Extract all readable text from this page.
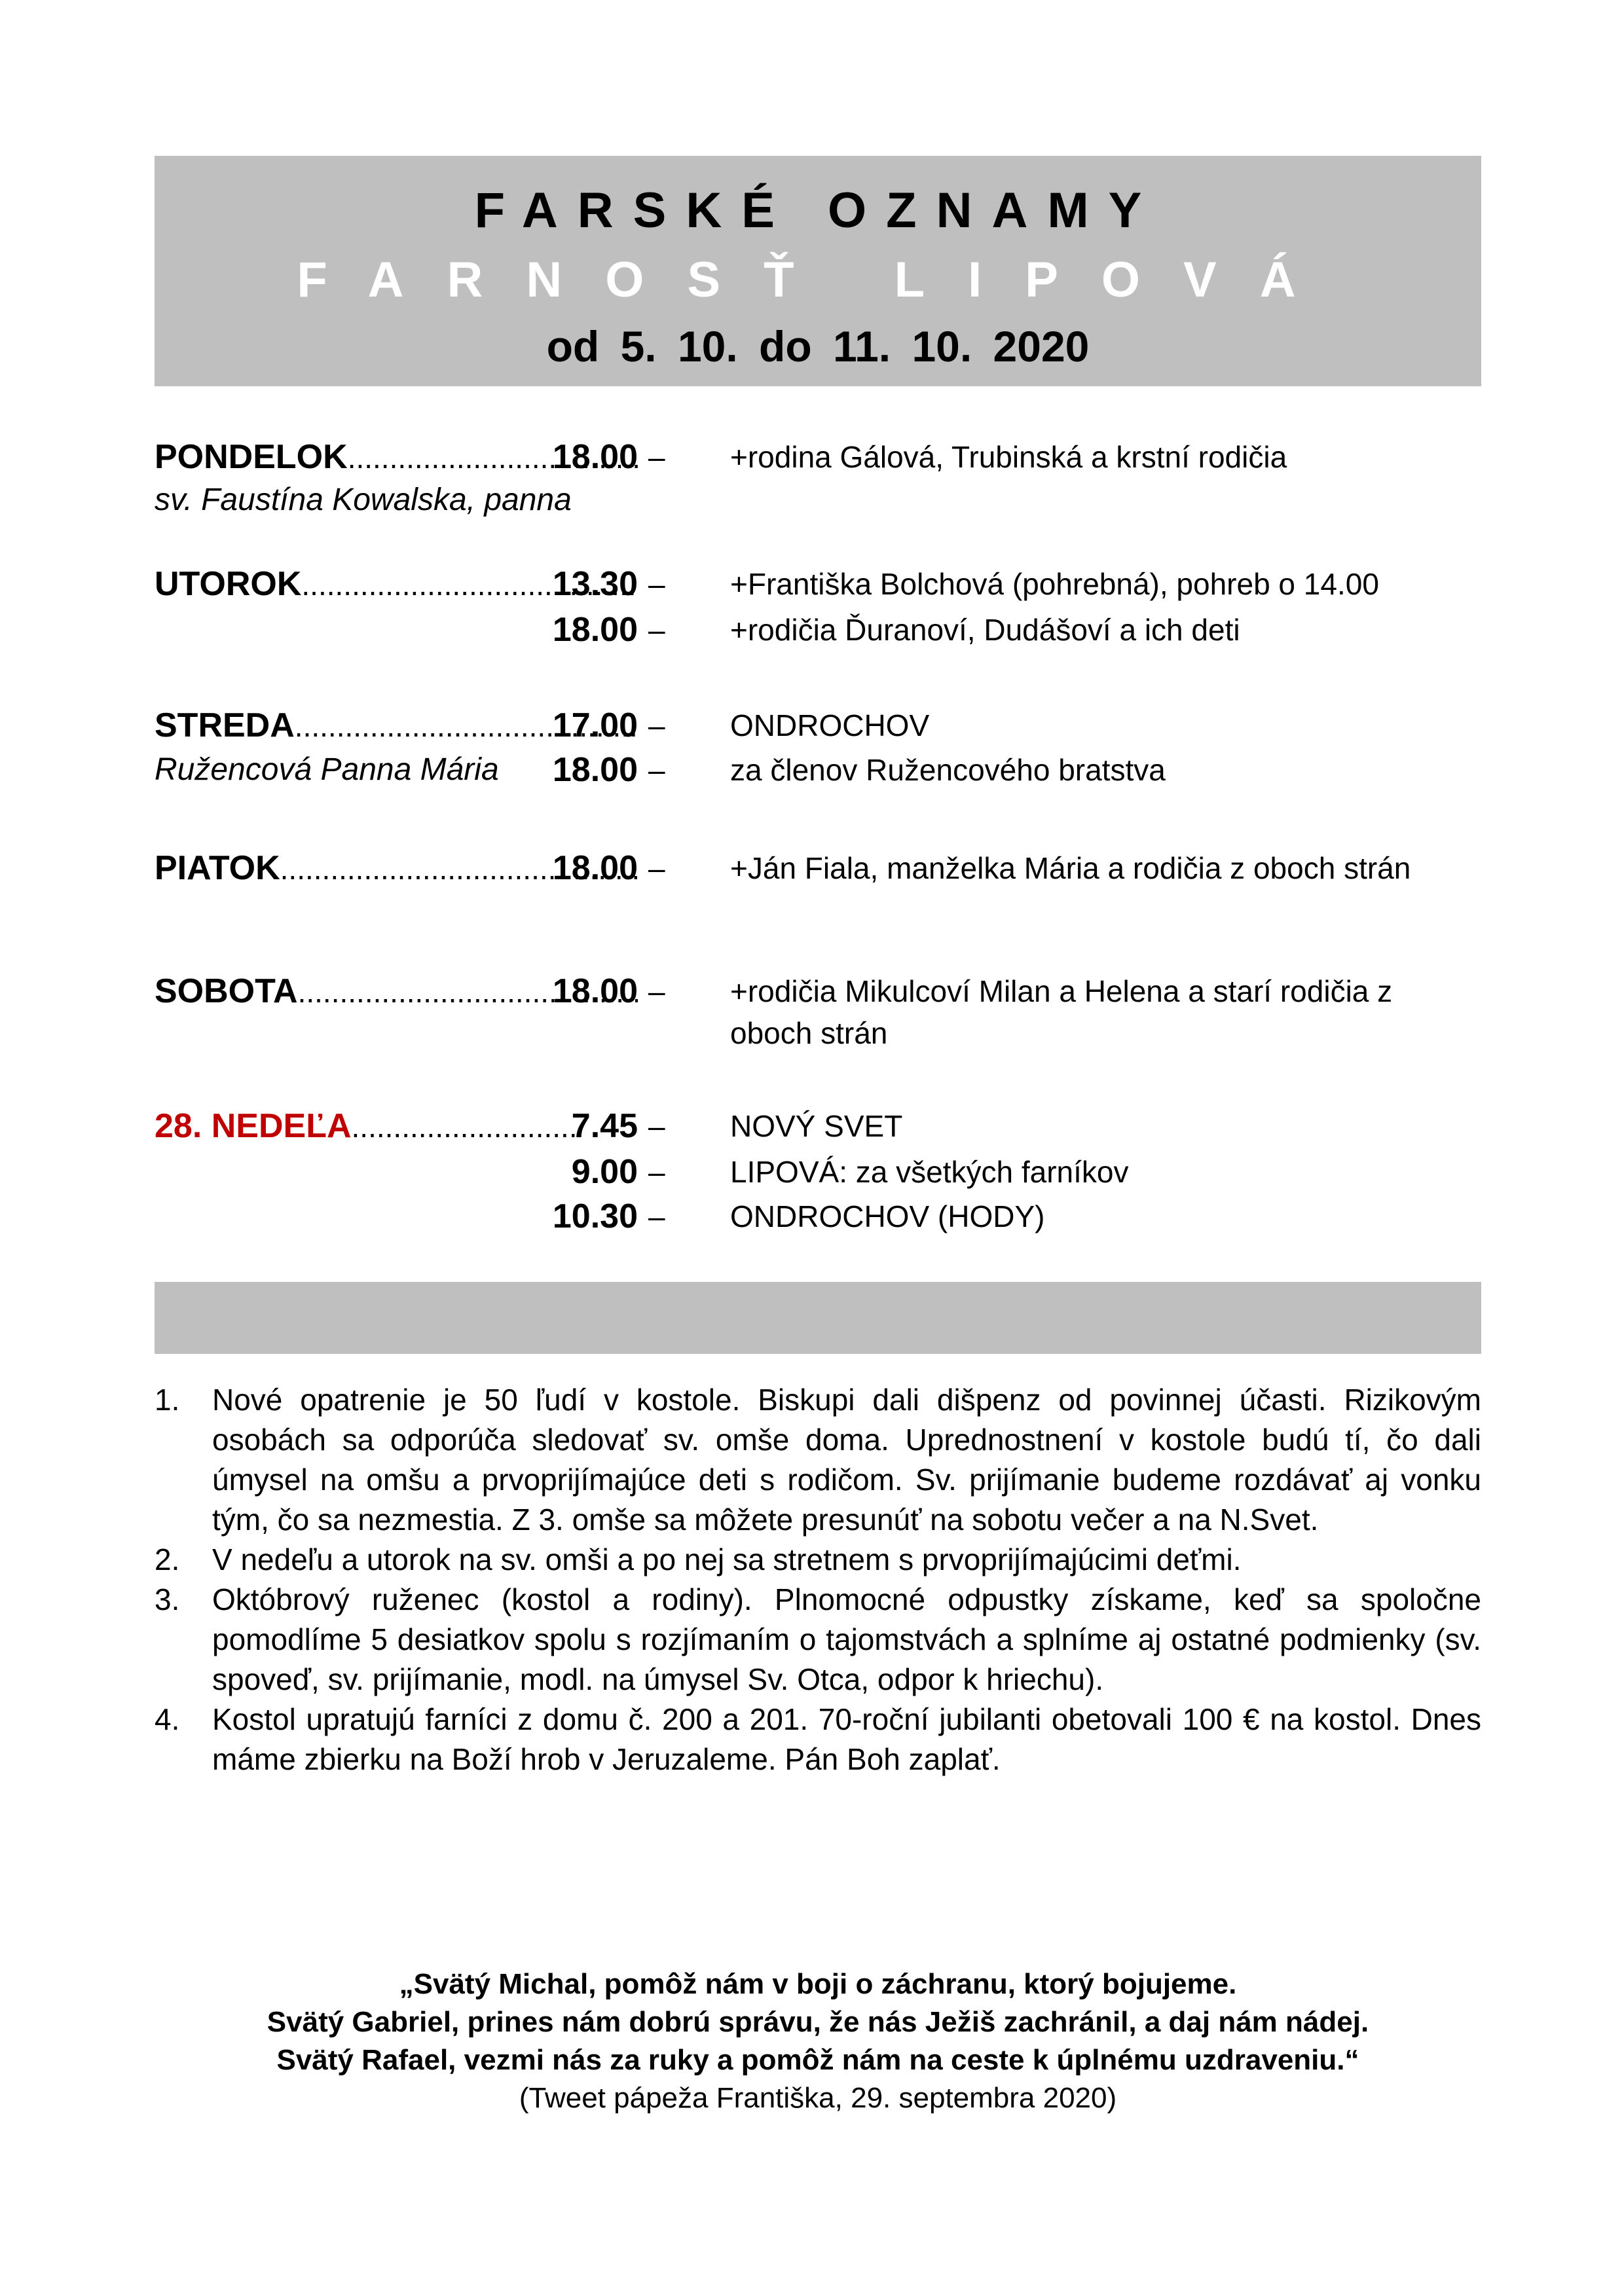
FARSKÉ OZNAMY
FARNOSŤ LIPOVÁ
od 5. 10. do 11. 10. 2020
PONDELOK .....	18.00 – +rodina Gálová, Trubinská a krstní rodičia
sv. Faustína Kowalska, panna
UTOROK .....	13.30 – +Františka Bolchová (pohrebná), pohreb o 14.00
18.00 – +rodičia Ďuranoví, Dudášoví a ich deti
STREDA .....	17.00 – ONDROCHOV
Ružencová Panna Mária	18.00 – za členov Ružencového bratstva
PIATOK .....	18.00 – +Ján Fiala, manželka Mária a rodičia z oboch strán
SOBOTA .....	18.00 – +rodičia Mikulcoví Milan a Helena a starí rodičia z
oboch strán
28. NEDEĽA .....	7.45 – NOVÝ SVET
9.00 – LIPOVÁ: za všetkých farníkov
10.30 – ONDROCHOV (HODY)
1.	Nové opatrenie je 50 ľudí v kostole. Biskupi dali dišpenz od povinnej účasti. Rizikovým osobách sa odporúča sledovať sv. omše doma. Uprednostnení v kostole budú tí, čo dali úmysel na omšu a prvoprijímajúce deti s rodičom. Sv. prijímanie budeme rozdávať aj vonku tým, čo sa nezmestia. Z 3. omše sa môžete presunúť na sobotu večer a na N.Svet.
2.	V nedeľu a utorok na sv. omši a po nej sa stretnem s prvoprijímajúcimi deťmi.
3.	Októbrový ruženec (kostol a rodiny). Plnomocné odpustky získame, keď sa spoločne pomodlíme 5 desiatkov spolu s rozjímaním o tajomstvách a splníme aj ostatné podmienky (sv. spoveď, sv. prijímanie, modl. na úmysel Sv. Otca, odpor k hriechu).
4.	Kostol upratujú farníci z domu č. 200 a 201. 70-roční jubilanti obetovali 100 € na kostol. Dnes máme zbierku na Boží hrob v Jeruzaleme. Pán Boh zaplať.
„Svätý Michal, pomôž nám v boji o záchranu, ktorý bojujeme.
Svätý Gabriel, prines nám dobrú správu, že nás Ježiš zachránil, a daj nám nádej.
Svätý Rafael, vezmi nás za ruky a pomôž nám na ceste k úplnému uzdraveniu.“
(Tweet pápeža Františka, 29. septembra 2020)
